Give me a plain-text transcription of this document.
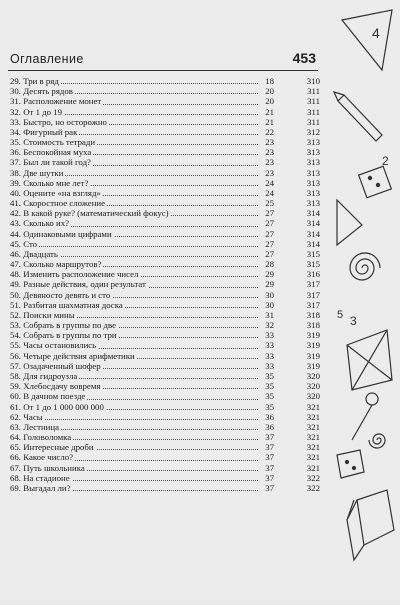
Оглавление	453
29. Три в ряд	18	310
30. Десять рядов	20	311
31. Расположение монет	20	311
32. От 1 до 19	21	311
33. Быстро, но осторожно	21	311
34. Фигурный рак	22	312
35. Стоимость тетради	23	313
36. Беспокойная муха	23	313
37. Был ли такой год?	23	313
38. Две шутки	23	313
39. Сколько мне лет?	24	313
40. Оцените «на взгляд»	24	313
41. Скоростное сложение	25	313
42. В какой руке? (математический фокус)	27	314
43. Сколько их?	27	314
44. Одинаковыми цифрами	27	314
45. Сто	27	314
46. Двадцать	27	315
47. Сколько маршрутов?	28	315
48. Изменить расположение чисел	29	316
49. Разные действия, один результат	29	317
50. Девяносто девять и сто	30	317
51. Разбитая шахматная доска	30	317
52. Поиски мины	31	318
53. Собрать в группы по две	32	318
54. Собрать в группы по три	33	319
55. Часы остановились	33	319
56. Четыре действия арифметики	33	319
57. Озадаченный шофер	33	319
58. Для гидроузла	35	320
59. Хлебосдачу вовремя	35	320
60. В дачном поезде	35	320
61. От 1 до 1 000 000 000	35	321
62. Часы	36	321
63. Лестница	36	321
64. Головоломка	37	321
65. Интересные дроби	37	321
66. Какое число?	37	321
67. Путь школьника	37	321
68. На стадионе	37	322
69. Выгадал ли?	37	322
4
2
3
5
